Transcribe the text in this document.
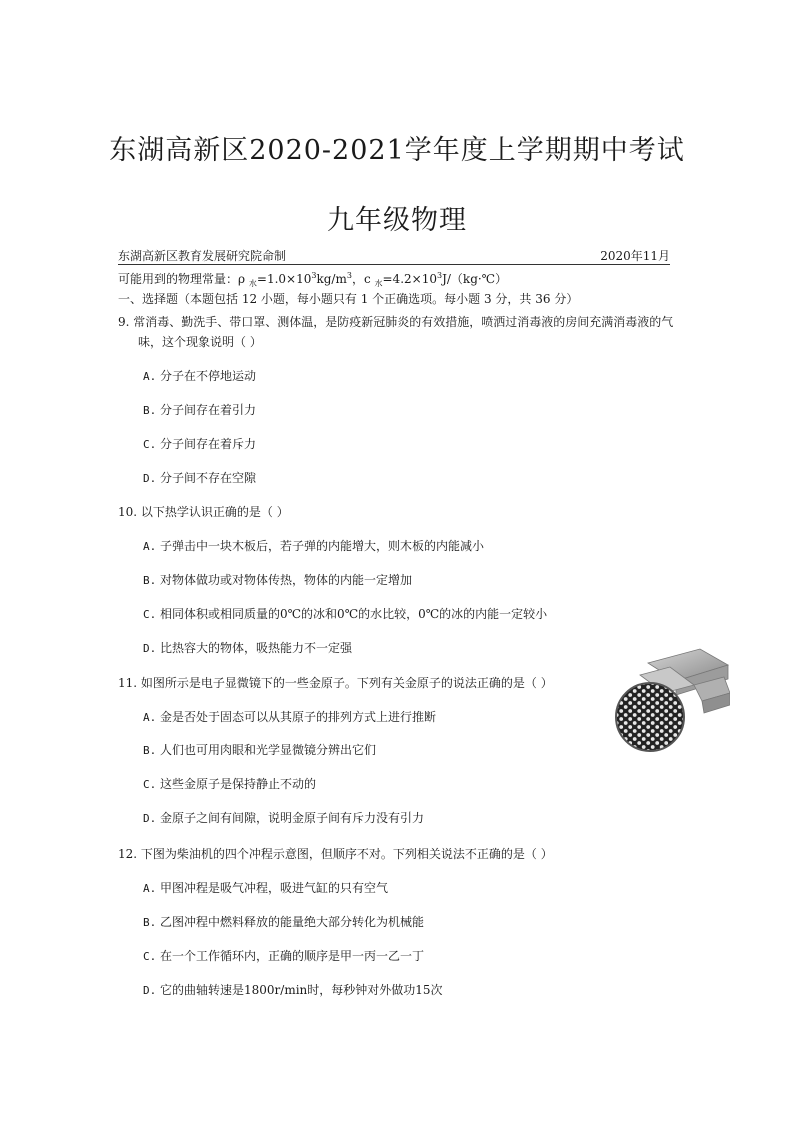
东湖高新区2020-2021学年度上学期期中考试
九年级物理
东湖高新区教育发展研究院命制	2020年11月
可能用到的物理常量：ρ $_水=1.0\times 10^3kg/m^3$，c $_水=4.2\times 10^3J/(kg\cdot℃)$
一、选择题（本题包括 12 小题，每小题只有 1 个正确选项。每小题 3 分，共 36 分）
9. 常消毒、勤洗手、带口罩、测体温，是防疫新冠肺炎的有效措施，喷洒过消毒液的房间充满消毒液的气
味，这个现象说明（ ）
A. 分子在不停地运动
B. 分子间存在着引力
C. 分子间存在着斥力
D. 分子间不存在空隙
10. 以下热学认识正确的是（ ）
A. 子弹击中一块木板后，若子弹的内能增大，则木板的内能减小
B. 对物体做功或对物体传热，物体的内能一定增加
C. 相同体积或相同质量的0℃的冰和0℃的水比较，0℃的冰的内能一定较小
D. 比热容大的物体，吸热能力不一定强
11. 如图所示是电子显微镜下的一些金原子。下列有关金原子的说法正确的是（ ）
A. 金是否处于固态可以从其原子的排列方式上进行推断
B. 人们也可用肉眼和光学显微镜分辨出它们
C. 这些金原子是保持静止不动的
D. 金原子之间有间隙，说明金原子间有斥力没有引力
12. 下图为柴油机的四个冲程示意图，但顺序不对。下列相关说法不正确的是（ ）
A. 甲图冲程是吸气冲程，吸进气缸的只有空气
B. 乙图冲程中燃料释放的能量绝大部分转化为机械能
C. 在一个工作循环内，正确的顺序是甲一丙一乙一丁
D. 它的曲轴转速是1800r/min时，每秒钟对外做功15次
